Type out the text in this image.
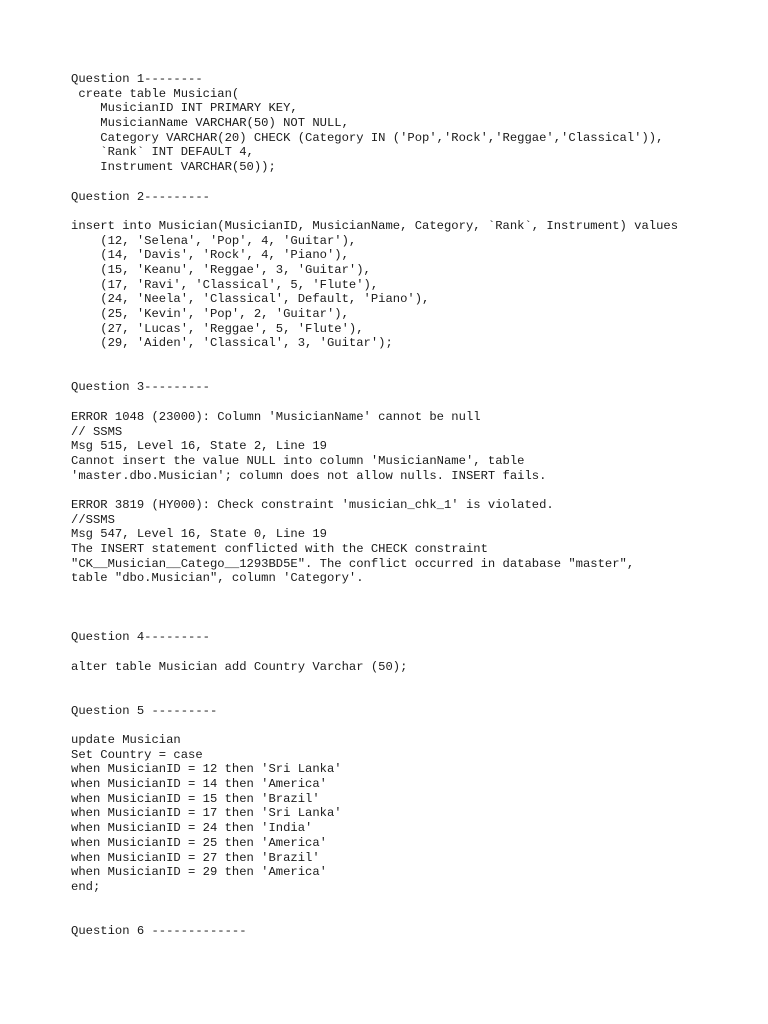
Question 1--------
create table Musician(
MusicianID INT PRIMARY KEY,
MusicianName VARCHAR(50) NOT NULL,
Category VARCHAR(20) CHECK (Category IN ('Pop','Rock','Reggae','Classical')),
`Rank` INT DEFAULT 4,
Instrument VARCHAR(50));
Question 2---------
insert into Musician(MusicianID, MusicianName, Category, `Rank`, Instrument) values
(12, 'Selena', 'Pop', 4, 'Guitar'),
(14, 'Davis', 'Rock', 4, 'Piano'),
(15, 'Keanu', 'Reggae', 3, 'Guitar'),
(17, 'Ravi', 'Classical', 5, 'Flute'),
(24, 'Neela', 'Classical', Default, 'Piano'),
(25, 'Kevin', 'Pop', 2, 'Guitar'),
(27, 'Lucas', 'Reggae', 5, 'Flute'),
(29, 'Aiden', 'Classical', 3, 'Guitar');
Question 3---------
ERROR 1048 (23000): Column 'MusicianName' cannot be null
// SSMS
Msg 515, Level 16, State 2, Line 19
Cannot insert the value NULL into column 'MusicianName', table
'master.dbo.Musician'; column does not allow nulls. INSERT fails.
ERROR 3819 (HY000): Check constraint 'musician_chk_1' is violated.
//SSMS
Msg 547, Level 16, State 0, Line 19
The INSERT statement conflicted with the CHECK constraint
"CK__Musician__Catego__1293BD5E". The conflict occurred in database "master",
table "dbo.Musician", column 'Category'.
Question 4---------
alter table Musician add Country Varchar (50);
Question 5 ---------
update Musician
Set Country = case
when MusicianID = 12 then 'Sri Lanka'
when MusicianID = 14 then 'America'
when MusicianID = 15 then 'Brazil'
when MusicianID = 17 then 'Sri Lanka'
when MusicianID = 24 then 'India'
when MusicianID = 25 then 'America'
when MusicianID = 27 then 'Brazil'
when MusicianID = 29 then 'America'
end;
Question 6 -------------
